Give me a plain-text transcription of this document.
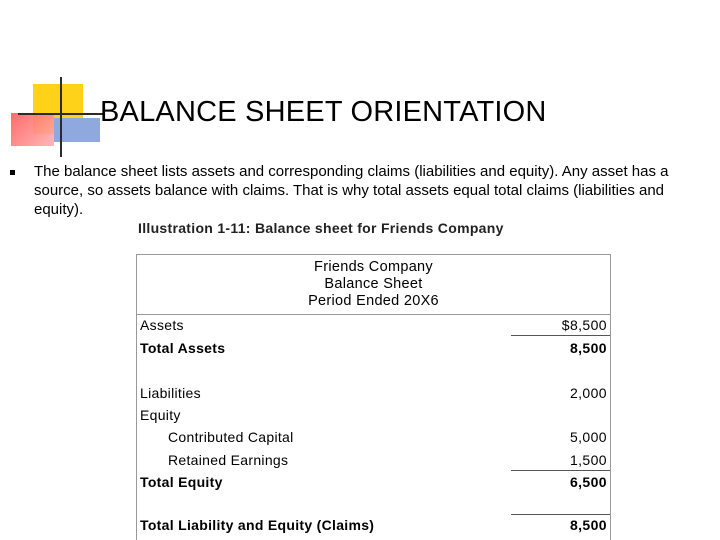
BALANCE SHEET ORIENTATION
The balance sheet lists assets and corresponding claims (liabilities and equity). Any asset has a source, so assets balance with claims. That is why total assets equal total claims (liabilities and equity).
Illustration 1-11: Balance sheet for Friends Company
Friends Company
Balance Sheet
Period Ended 20X6
Assets	$8,500
Total Assets	8,500
Liabilities	2,000
Equity
Contributed Capital	5,000
Retained Earnings	1,500
Total Equity	6,500
Total Liability and Equity (Claims)	8,500
